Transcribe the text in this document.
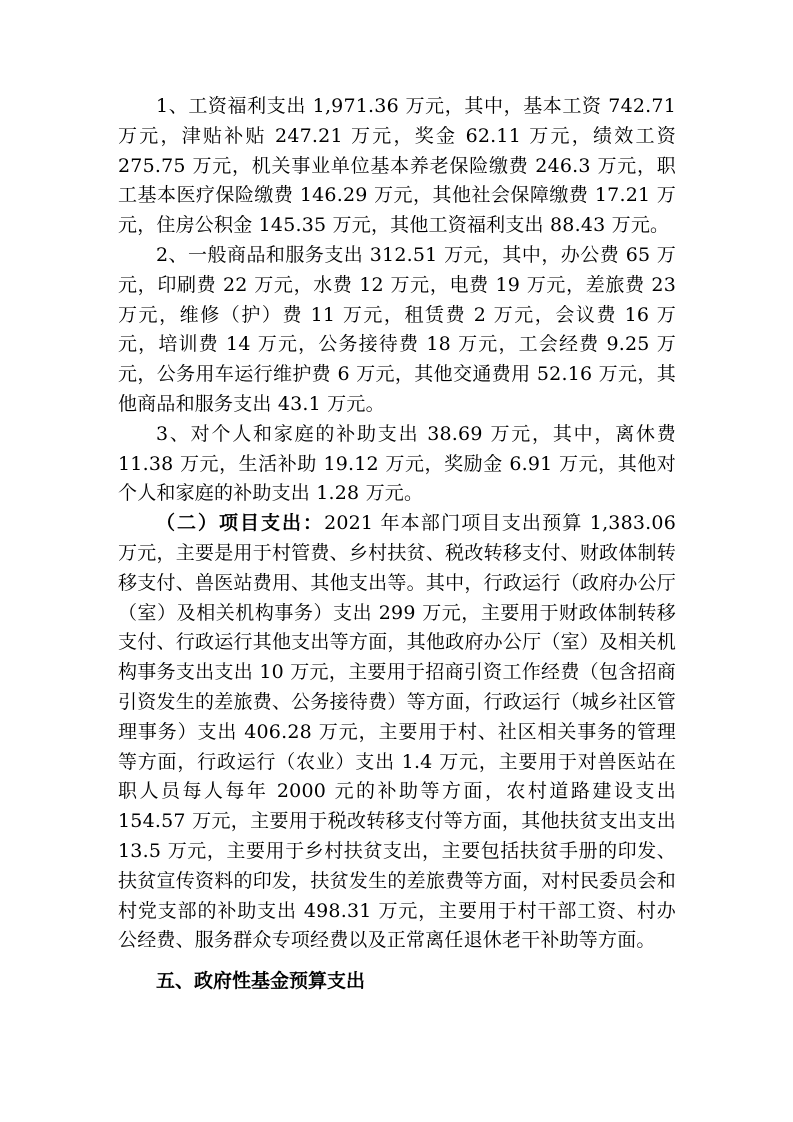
1、工资福利支出 1,971.36 万元，其中，基本工资 742.71 万元，津贴补贴 247.21 万元，奖金 62.11 万元，绩效工资 275.75 万元，机关事业单位基本养老保险缴费 246.3 万元，职工基本医疗保险缴费 146.29 万元，其他社会保障缴费 17.21 万元，住房公积金 145.35 万元，其他工资福利支出 88.43 万元。

2、一般商品和服务支出 312.51 万元，其中，办公费 65 万元，印刷费 22 万元，水费 12 万元，电费 19 万元，差旅费 23 万元，维修（护）费 11 万元，租赁费 2 万元，会议费 16 万元，培训费 14 万元，公务接待费 18 万元，工会经费 9.25 万元，公务用车运行维护费 6 万元，其他交通费用 52.16 万元，其他商品和服务支出 43.1 万元。

3、对个人和家庭的补助支出 38.69 万元，其中，离休费 11.38 万元，生活补助 19.12 万元，奖励金 6.91 万元，其他对个人和家庭的补助支出 1.28 万元。

（二）项目支出：2021 年本部门项目支出预算 1,383.06 万元，主要是用于村管费、乡村扶贫、税改转移支付、财政体制转移支付、兽医站费用、其他支出等。其中，行政运行（政府办公厅（室）及相关机构事务）支出 299 万元，主要用于财政体制转移支付、行政运行其他支出等方面，其他政府办公厅（室）及相关机构事务支出支出 10 万元，主要用于招商引资工作经费（包含招商引资发生的差旅费、公务接待费）等方面，行政运行（城乡社区管理事务）支出 406.28 万元，主要用于村、社区相关事务的管理等方面，行政运行（农业）支出 1.4 万元，主要用于对兽医站在职人员每人每年 2000 元的补助等方面，农村道路建设支出 154.57 万元，主要用于税改转移支付等方面，其他扶贫支出支出 13.5 万元，主要用于乡村扶贫支出，主要包括扶贫手册的印发、扶贫宣传资料的印发，扶贫发生的差旅费等方面，对村民委员会和村党支部的补助支出 498.31 万元，主要用于村干部工资、村办公经费、服务群众专项经费以及正常离任退休老干补助等方面。

五、政府性基金预算支出
